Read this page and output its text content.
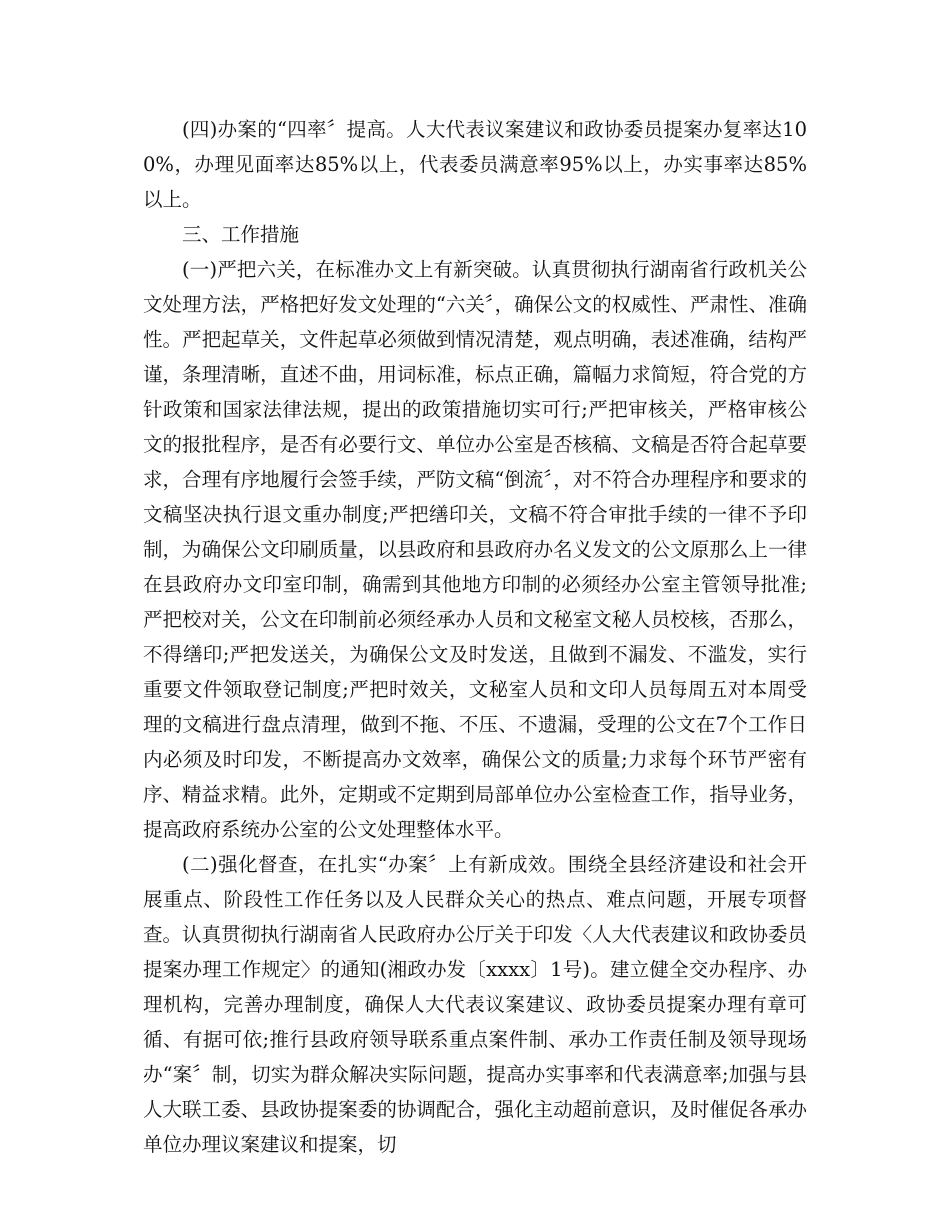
(四)办案的“四率〞提高。人大代表议案建议和政协委员提案办复率达100%，办理见面率达85%以上，代表委员满意率95%以上，办实事率达85%以上。

三、工作措施

(一)严把六关，在标准办文上有新突破。认真贯彻执行湖南省行政机关公文处理方法，严格把好发文处理的“六关〞，确保公文的权威性、严肃性、准确性。严把起草关，文件起草必须做到情况清楚，观点明确，表述准确，结构严谨，条理清晰，直述不曲，用词标准，标点正确，篇幅力求简短，符合党的方针政策和国家法律法规，提出的政策措施切实可行;严把审核关，严格审核公文的报批程序，是否有必要行文、单位办公室是否核稿、文稿是否符合起草要求，合理有序地履行会签手续，严防文稿“倒流〞，对不符合办理程序和要求的文稿坚决执行退文重办制度;严把缮印关，文稿不符合审批手续的一律不予印制，为确保公文印刷质量，以县政府和县政府办名义发文的公文原那么上一律在县政府办文印室印制，确需到其他地方印制的必须经办公室主管领导批准;严把校对关，公文在印制前必须经承办人员和文秘室文秘人员校核，否那么，不得缮印;严把发送关，为确保公文及时发送，且做到不漏发、不滥发，实行重要文件领取登记制度;严把时效关，文秘室人员和文印人员每周五对本周受理的文稿进行盘点清理，做到不拖、不压、不遗漏，受理的公文在7个工作日内必须及时印发，不断提高办文效率，确保公文的质量;力求每个环节严密有序、精益求精。此外，定期或不定期到局部单位办公室检查工作，指导业务，提高政府系统办公室的公文处理整体水平。

(二)强化督查，在扎实“办案〞上有新成效。围绕全县经济建设和社会开展重点、阶段性工作任务以及人民群众关心的热点、难点问题，开展专项督查。认真贯彻执行湖南省人民政府办公厅关于印发〈人大代表建议和政协委员提案办理工作规定〉的通知(湘政办发〔xxxx〕1号)。建立健全交办程序、办理机构，完善办理制度，确保人大代表议案建议、政协委员提案办理有章可循、有据可依;推行县政府领导联系重点案件制、承办工作责任制及领导现场办“案〞制，切实为群众解决实际问题，提高办实事率和代表满意率;加强与县人大联工委、县政协提案委的协调配合，强化主动超前意识，及时催促各承办单位办理议案建议和提案，切
